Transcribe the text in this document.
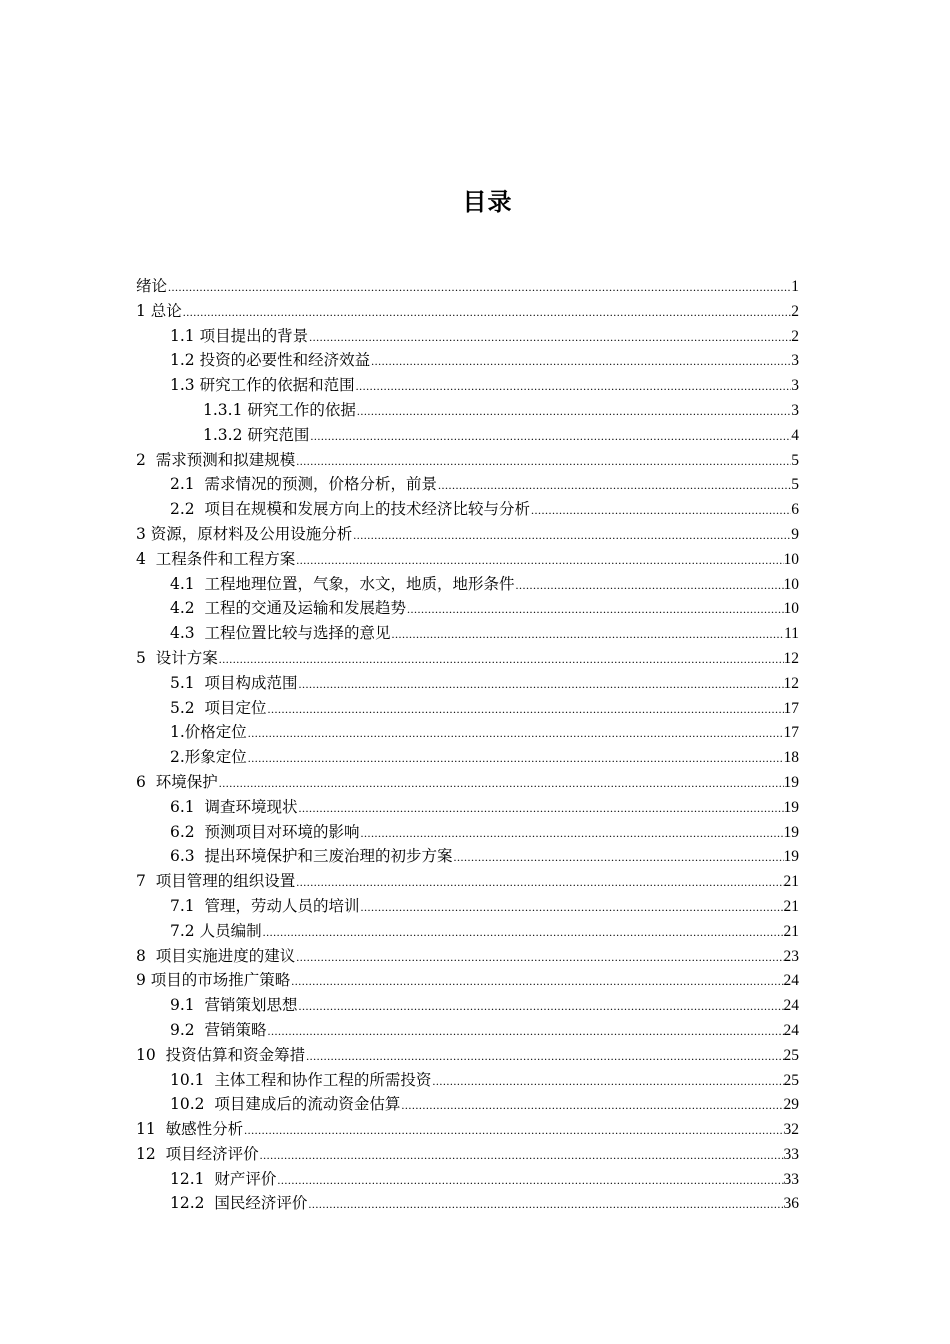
目录
绪论 .....	1
1 总论 .....	2
1.1 项目提出的背景 .....	2
1.2 投资的必要性和经济效益 .....	3
1.3 研究工作的依据和范围 .....	3
1.3.1 研究工作的依据 .....	3
1.3.2 研究范围 .....	4
2  需求预测和拟建规模 .....	5
2.1  需求情况的预测，价格分析，前景 .....	5
2.2  项目在规模和发展方向上的技术经济比较与分析 .....	6
3 资源，原材料及公用设施分析 .....	9
4  工程条件和工程方案 .....	10
4.1  工程地理位置，气象，水文，地质，地形条件 .....	10
4.2  工程的交通及运输和发展趋势 .....	10
4.3  工程位置比较与选择的意见 .....	11
5  设计方案 .....	12
5.1  项目构成范围 .....	12
5.2  项目定位 .....	17
1.价格定位 .....	17
2.形象定位 .....	18
6  环境保护 .....	19
6.1  调查环境现状 .....	19
6.2  预测项目对环境的影响 .....	19
6.3  提出环境保护和三废治理的初步方案 .....	19
7  项目管理的组织设置 .....	21
7.1  管理，劳动人员的培训 .....	21
7.2 人员编制 .....	21
8  项目实施进度的建议 .....	23
9 项目的市场推广策略 .....	24
9.1  营销策划思想 .....	24
9.2  营销策略 .....	24
10  投资估算和资金筹措 .....	25
10.1  主体工程和协作工程的所需投资 .....	25
10.2  项目建成后的流动资金估算 .....	29
11  敏感性分析 .....	32
12  项目经济评价 .....	33
12.1  财产评价 .....	33
12.2  国民经济评价 .....	36
